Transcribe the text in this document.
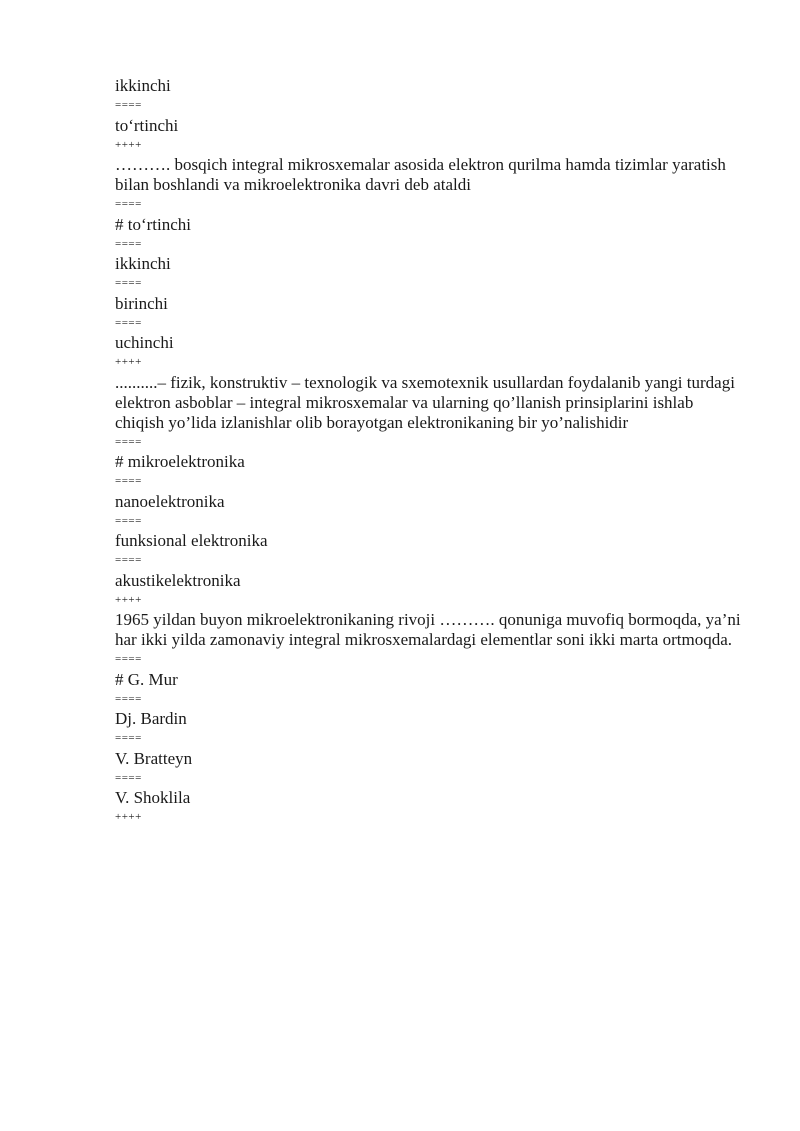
ikkinchi

====

to‘rtinchi

++++

………. bosqich integral mikrosxemalar asosida elektron qurilma hamda tizimlar yaratish bilan boshlandi va mikroelektronika davri deb ataldi

====

# to‘rtinchi

====

ikkinchi

====

birinchi

====

uchinchi

++++

..........– fizik, konstruktiv – texnologik va sxemotexnik usullardan foydalanib yangi turdagi elektron asboblar – integral mikrosxemalar va ularning qo’llanish prinsiplarini ishlab chiqish yo’lida izlanishlar olib borayotgan elektronikaning bir yo’nalishidir

====

# mikroelektronika

====

nanoelektronika

====

funksional elektronika

====

akustikelektronika

++++

1965 yildan buyon mikroelektronikaning rivoji ………. qonuniga muvofiq bormoqda, ya’ni har ikki yilda zamonaviy integral mikrosxemalardagi elementlar soni ikki marta ortmoqda.

====

# G. Mur

====

Dj. Bardin

====

V. Bratteyn

====

V. Shoklila

++++
